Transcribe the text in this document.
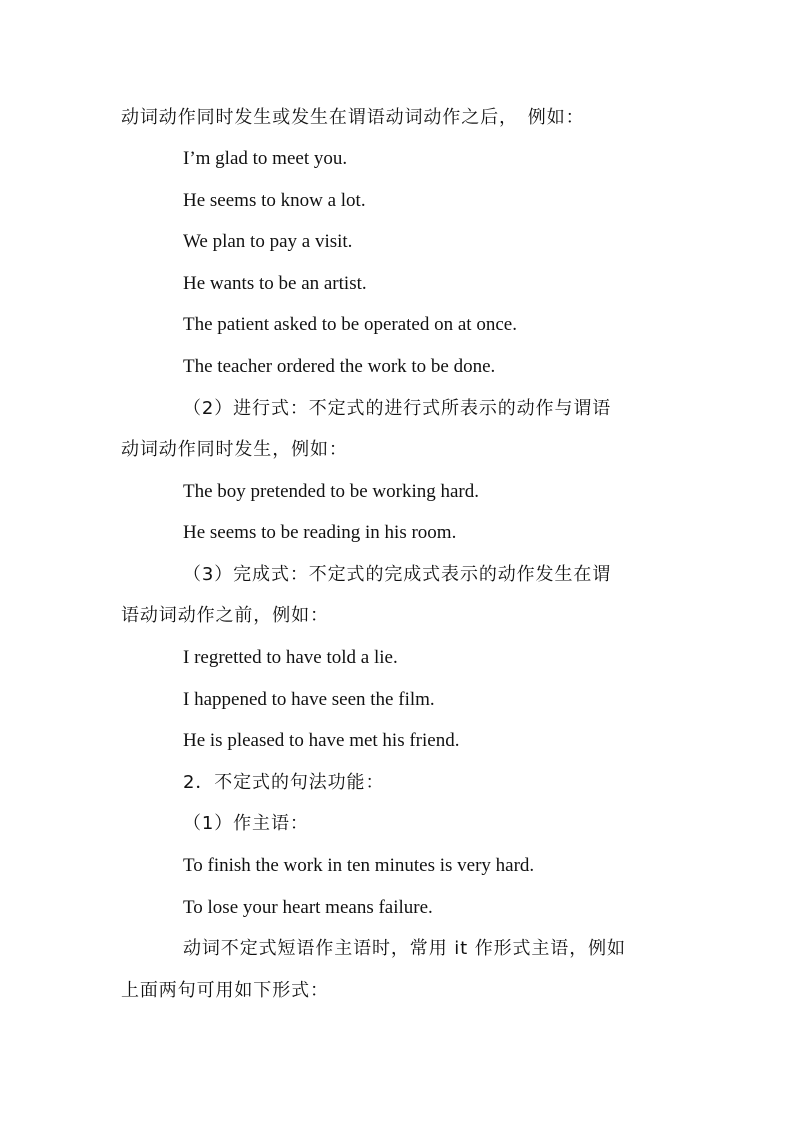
动词动作同时发生或发生在谓语动词动作之后，　例如：
I’m glad to meet you.
He seems to know a lot.
We plan to pay a visit.
He wants to be an artist.
The patient asked to be operated on at once.
The teacher ordered the work to be done.
（2）进行式：不定式的进行式所表示的动作与谓语
动词动作同时发生，例如：
The boy pretended to be working hard.
He seems to be reading in his room.
（3）完成式：不定式的完成式表示的动作发生在谓
语动词动作之前，例如：
I regretted to have told a lie.
I happened to have seen the film.
He is pleased to have met his friend.
2．不定式的句法功能：
（1）作主语：
To finish the work in ten minutes is very hard.
To lose your heart means failure.
动词不定式短语作主语时，常用 it 作形式主语，例如
上面两句可用如下形式：
